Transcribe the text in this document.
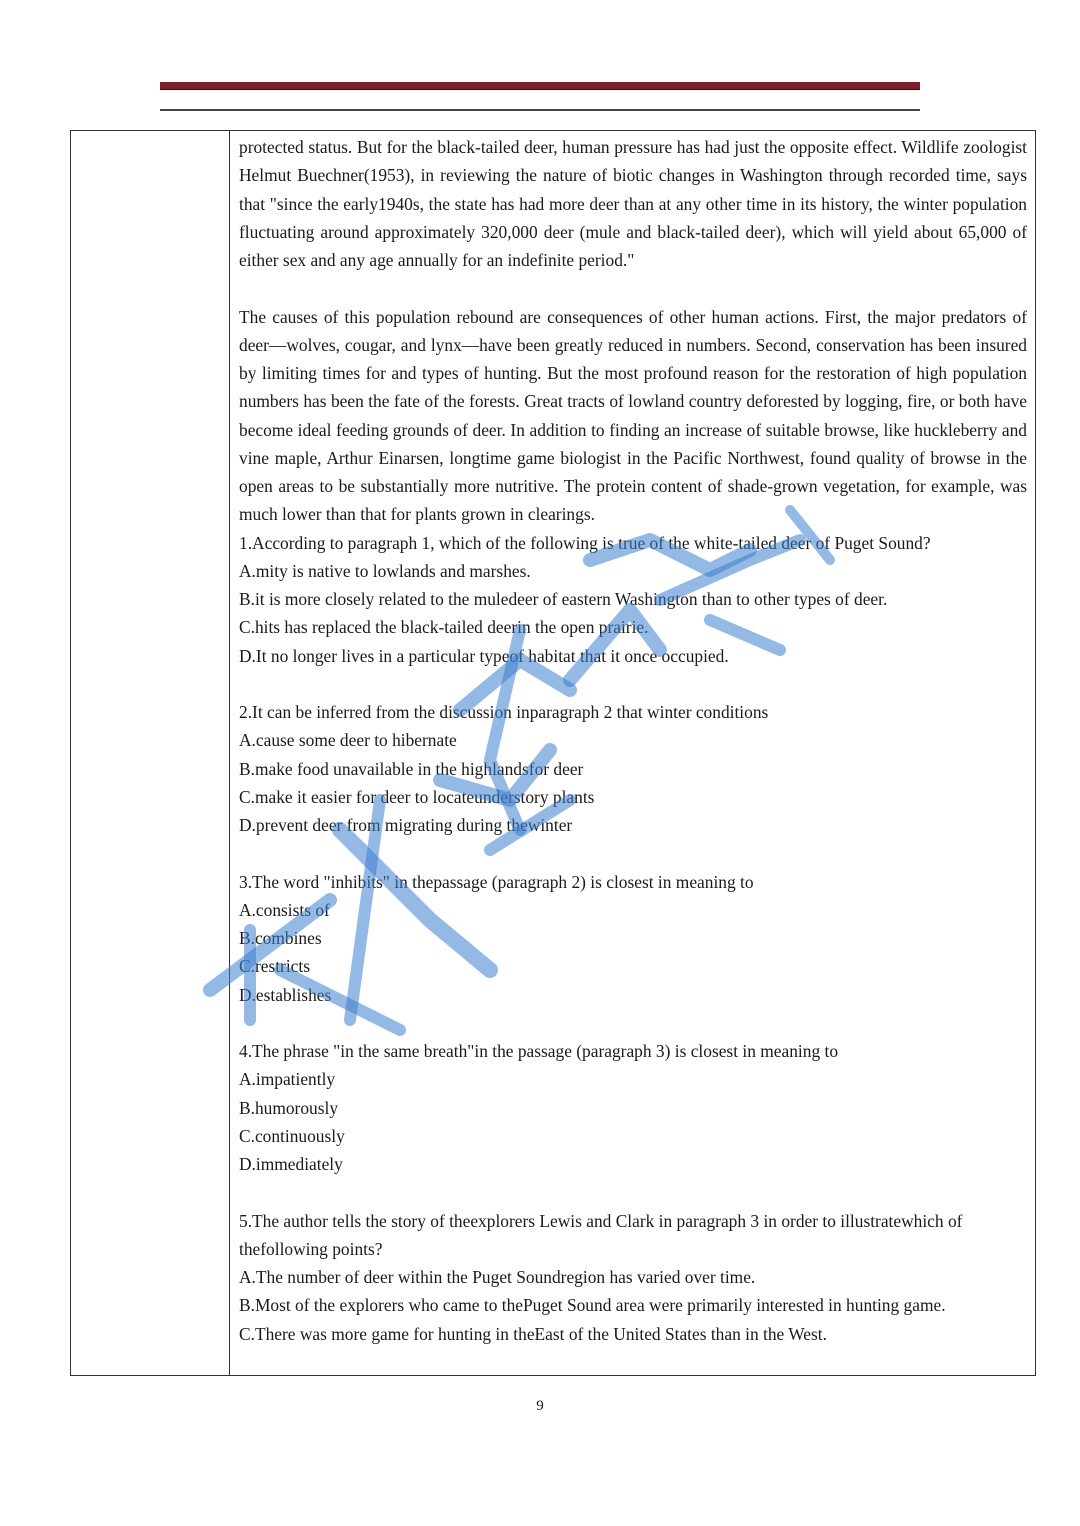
protected status. But for the black-tailed deer, human pressure has had just the opposite effect. Wildlife zoologist Helmut Buechner(1953), in reviewing the nature of biotic changes in Washington through recorded time, says that "since the early1940s, the state has had more deer than at any other time in its history, the winter population fluctuating around approximately 320,000 deer (mule and black-tailed deer), which will yield about 65,000 of either sex and any age annually for an indefinite period."

The causes of this population rebound are consequences of other human actions. First, the major predators of deer—wolves, cougar, and lynx—have been greatly reduced in numbers. Second, conservation has been insured by limiting times for and types of hunting. But the most profound reason for the restoration of high population numbers has been the fate of the forests. Great tracts of lowland country deforested by logging, fire, or both have become ideal feeding grounds of deer. In addition to finding an increase of suitable browse, like huckleberry and vine maple, Arthur Einarsen, longtime game biologist in the Pacific Northwest, found quality of browse in the open areas to be substantially more nutritive. The protein content of shade-grown vegetation, for example, was much lower than that for plants grown in clearings.

1.According to paragraph 1, which of the following is true of the white-tailed deer of Puget Sound?
A.mity is native to lowlands and marshes.
B.it is more closely related to the muledeer of eastern Washington than to other types of deer.
C.hits has replaced the black-tailed deerin the open prairie.
D.It no longer lives in a particular typeof habitat that it once occupied.
2.It can be inferred from the discussion inparagraph 2 that winter conditions
A.cause some deer to hibernate
B.make food unavailable in the highlandsfor deer
C.make it easier for deer to locateunderstory plants
D.prevent deer from migrating during thewinter
3.The word "inhibits" in thepassage (paragraph 2) is closest in meaning to
A.consists of
B.combines
C.restricts
D.establishes
4.The phrase "in the same breath"in the passage (paragraph 3) is closest in meaning to
A.impatiently
B.humorously
C.continuously
D.immediately

5.The author tells the story of theexplorers Lewis and Clark in paragraph 3 in order to illustratewhich of thefollowing points?

A.The number of deer within the Puget Soundregion has varied over time.
B.Most of the explorers who came to thePuget Sound area were primarily interested in hunting game.
C.There was more game for hunting in theEast of the United States than in the West.
9
